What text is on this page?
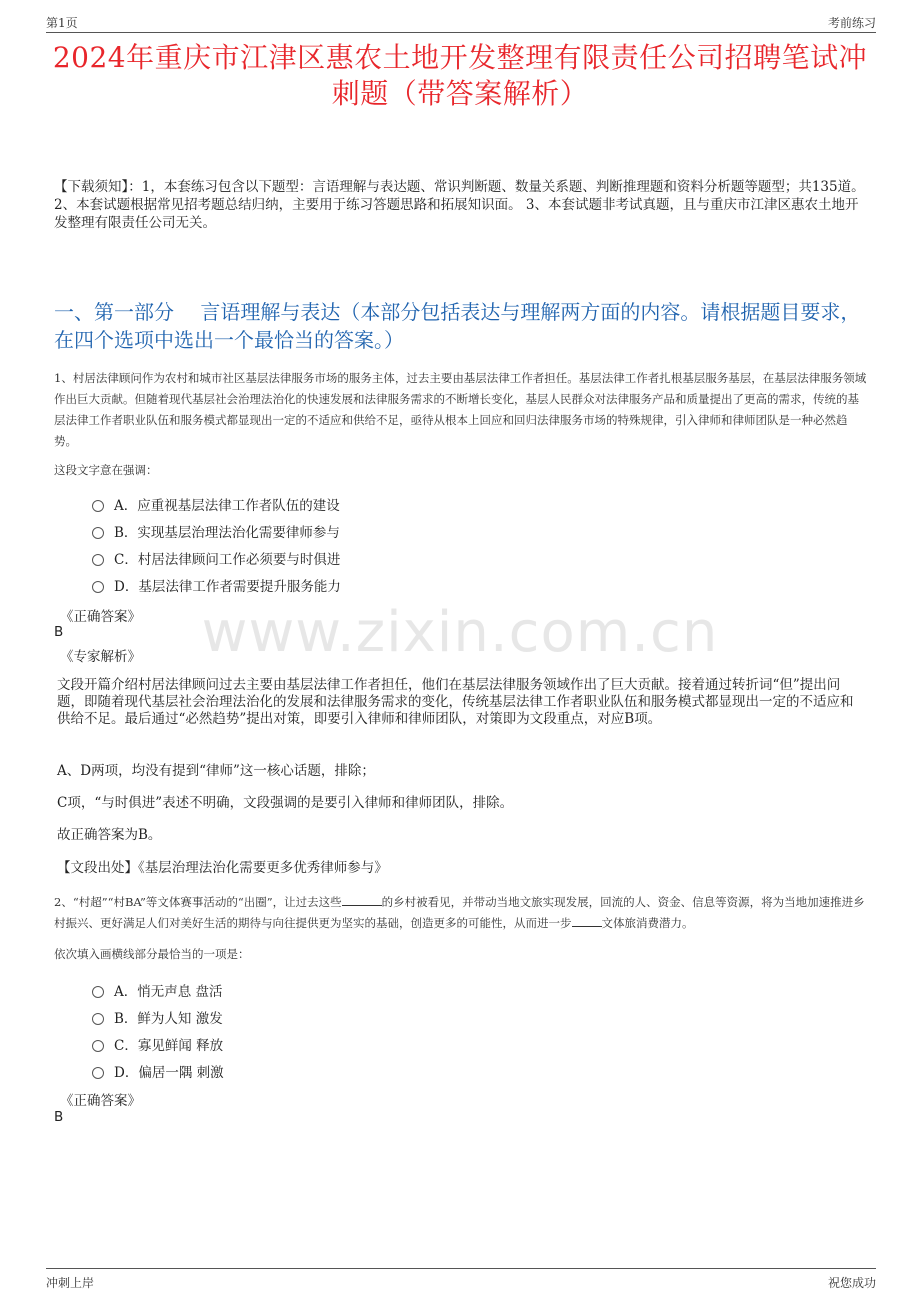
第1页	考前练习
2024年重庆市江津区惠农土地开发整理有限责任公司招聘笔试冲刺题（带答案解析）
【下载须知】：1，本套练习包含以下题型：言语理解与表达题、常识判断题、数量关系题、判断推理题和资料分析题等题型；共135道。 2、本套试题根据常见招考题总结归纳，主要用于练习答题思路和拓展知识面。 3、本套试题非考试真题，且与重庆市江津区惠农土地开发整理有限责任公司无关。
一、第一部分　 言语理解与表达（本部分包括表达与理解两方面的内容。请根据题目要求，在四个选项中选出一个最恰当的答案。）
1、村居法律顾问作为农村和城市社区基层法律服务市场的服务主体，过去主要由基层法律工作者担任。基层法律工作者扎根基层服务基层，在基层法律服务领域作出巨大贡献。但随着现代基层社会治理法治化的快速发展和法律服务需求的不断增长变化，基层人民群众对法律服务产品和质量提出了更高的需求，传统的基层法律工作者职业队伍和服务模式都显现出一定的不适应和供给不足，亟待从根本上回应和回归法律服务市场的特殊规律，引入律师和律师团队是一种必然趋势。
这段文字意在强调：
A．应重视基层法律工作者队伍的建设
B．实现基层治理法治化需要律师参与
C．村居法律顾问工作必须要与时俱进
D．基层法律工作者需要提升服务能力
《正确答案》
B
《专家解析》
文段开篇介绍村居法律顾问过去主要由基层法律工作者担任，他们在基层法律服务领域作出了巨大贡献。接着通过转折词“但”提出问题，即随着现代基层社会治理法治化的发展和法律服务需求的变化，传统基层法律工作者职业队伍和服务模式都显现出一定的不适应和供给不足。最后通过“必然趋势”提出对策，即要引入律师和律师团队，对策即为文段重点，对应B项。
A、D两项，均没有提到“律师”这一核心话题，排除；
C项，“与时俱进”表述不明确，文段强调的是要引入律师和律师团队，排除。
故正确答案为B。
【文段出处】《基层治理法治化需要更多优秀律师参与》
2、“村超”“村BA”等文体赛事活动的“出圈”，让过去这些	的乡村被看见，并带动当地文旅实现发展，回流的人、资金、信息等资源，将为当地加速推进乡村振兴、更好满足人们对美好生活的期待与向往提供更为坚实的基础，创造更多的可能性，从而进一步	文体旅消费潜力。
依次填入画横线部分最恰当的一项是：
A．悄无声息 盘活
B．鲜为人知 激发
C．寡见鲜闻 释放
D．偏居一隅 刺激
《正确答案》
B
www.zixin.com.cn
冲刺上岸	祝您成功
